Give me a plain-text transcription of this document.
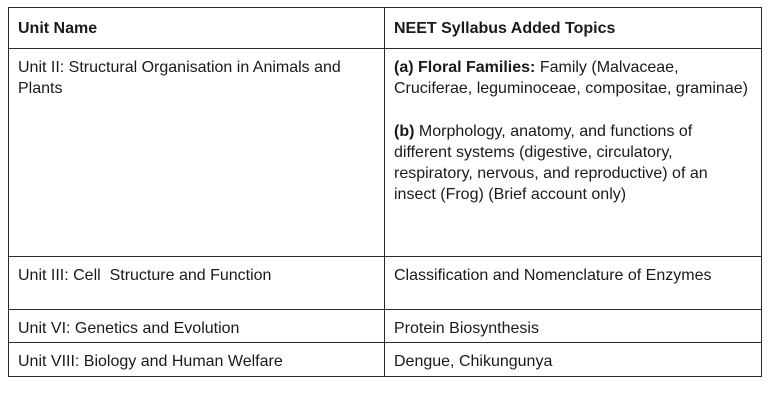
Unit Name	NEET Syllabus Added Topics
Unit II: Structural Organisation in Animals and Plants	(a) Floral Families: Family (Malvaceae, Cruciferae, leguminoceae, compositae, graminae)

(b) Morphology, anatomy, and functions of different systems (digestive, circulatory, respiratory, nervous, and reproductive) of an insect (Frog) (Brief account only)

Unit III: Cell  Structure and Function	Classification and Nomenclature of Enzymes
Unit VI: Genetics and Evolution	Protein Biosynthesis
Unit VIII: Biology and Human Welfare	Dengue, Chikungunya
